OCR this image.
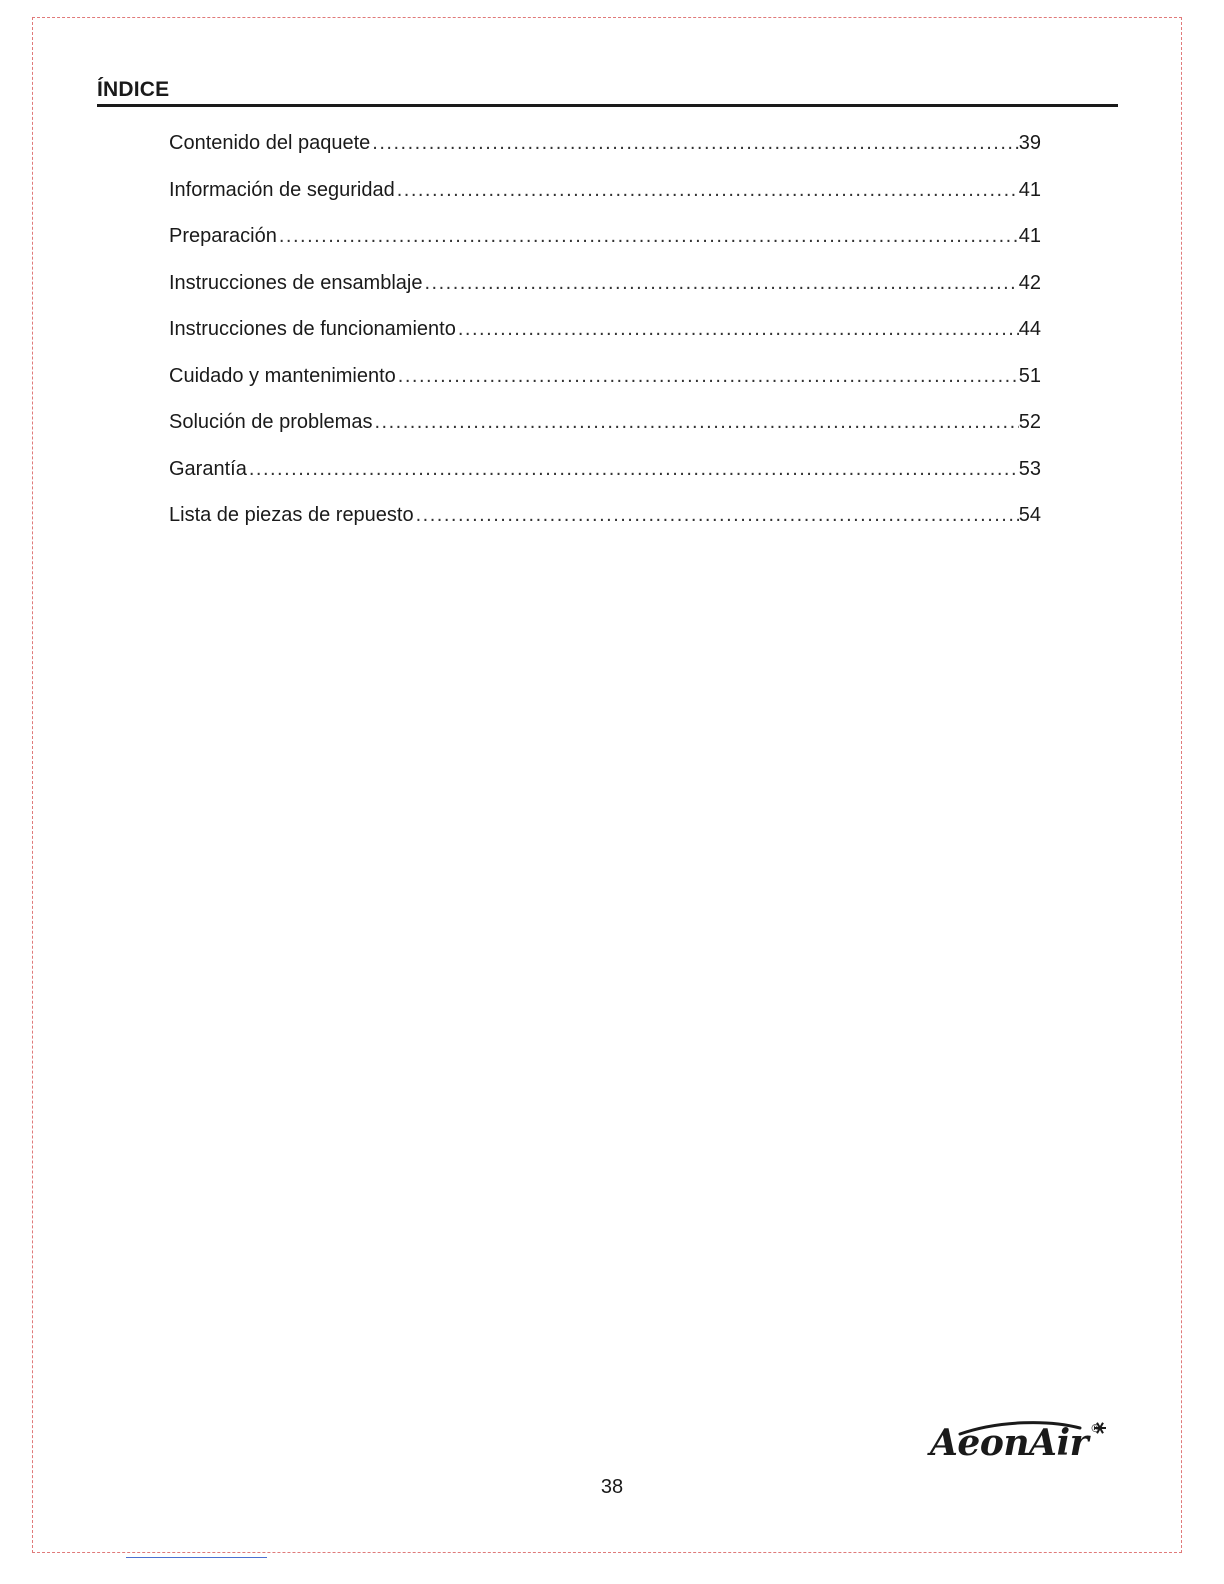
ÍNDICE
Contenido del paquete .....	39
Información de seguridad .....	41
Preparación .....	41
Instrucciones de ensamblaje .....	42
Instrucciones de funcionamiento .....	44
Cuidado y mantenimiento .....	51
Solución de problemas .....	52
Garantía .....	53
Lista de piezas de repuesto .....	54
AeonAir ®
38
